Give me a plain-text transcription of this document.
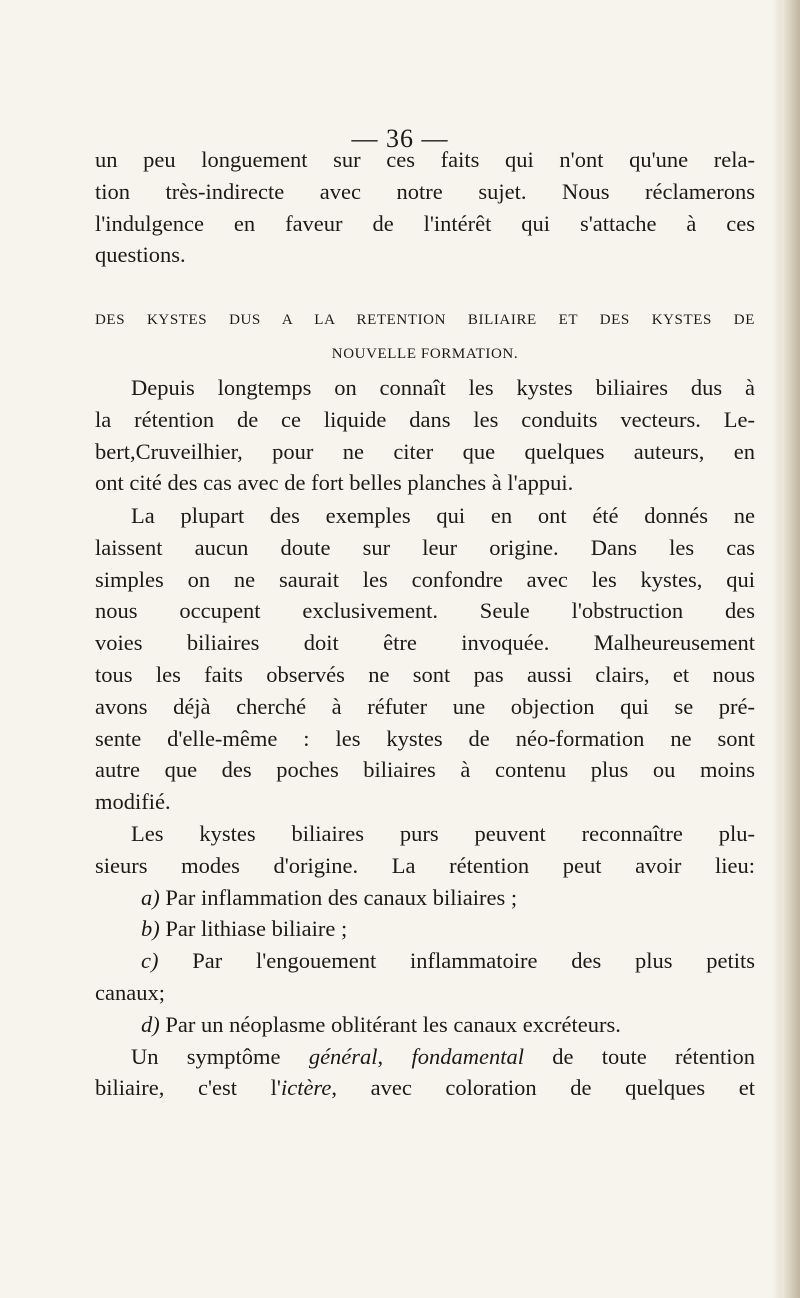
— 36 —
un peu longuement sur ces faits qui n'ont qu'une rela-
tion très-indirecte avec notre sujet. Nous réclamerons
l'indulgence en faveur de l'intérêt qui s'attache à ces
questions.
DES KYSTES DUS A LA RETENTION BILIAIRE ET DES KYSTES DE
NOUVELLE FORMATION.
Depuis longtemps on connaît les kystes biliaires dus à
la rétention de ce liquide dans les conduits vecteurs. Le-
bert,Cruveilhier, pour ne citer que quelques auteurs, en
ont cité des cas avec de fort belles planches à l'appui.
La plupart des exemples qui en ont été donnés ne
laissent aucun doute sur leur origine. Dans les cas
simples on ne saurait les confondre avec les kystes, qui
nous occupent exclusivement. Seule l'obstruction des
voies biliaires doit être invoquée. Malheureusement
tous les faits observés ne sont pas aussi clairs, et nous
avons déjà cherché à réfuter une objection qui se pré-
sente d'elle-même : les kystes de néo-formation ne sont
autre que des poches biliaires à contenu plus ou moins
modifié.
Les kystes biliaires purs peuvent reconnaître plu-
sieurs modes d'origine. La rétention peut avoir lieu:
a) Par inflammation des canaux biliaires ;
b) Par lithiase biliaire ;
c) Par l'engouement inflammatoire des plus petits
canaux;
d) Par un néoplasme oblitérant les canaux excréteurs.
Un symptôme général, fondamental de toute rétention
biliaire, c'est l'ictère, avec coloration de quelques et
